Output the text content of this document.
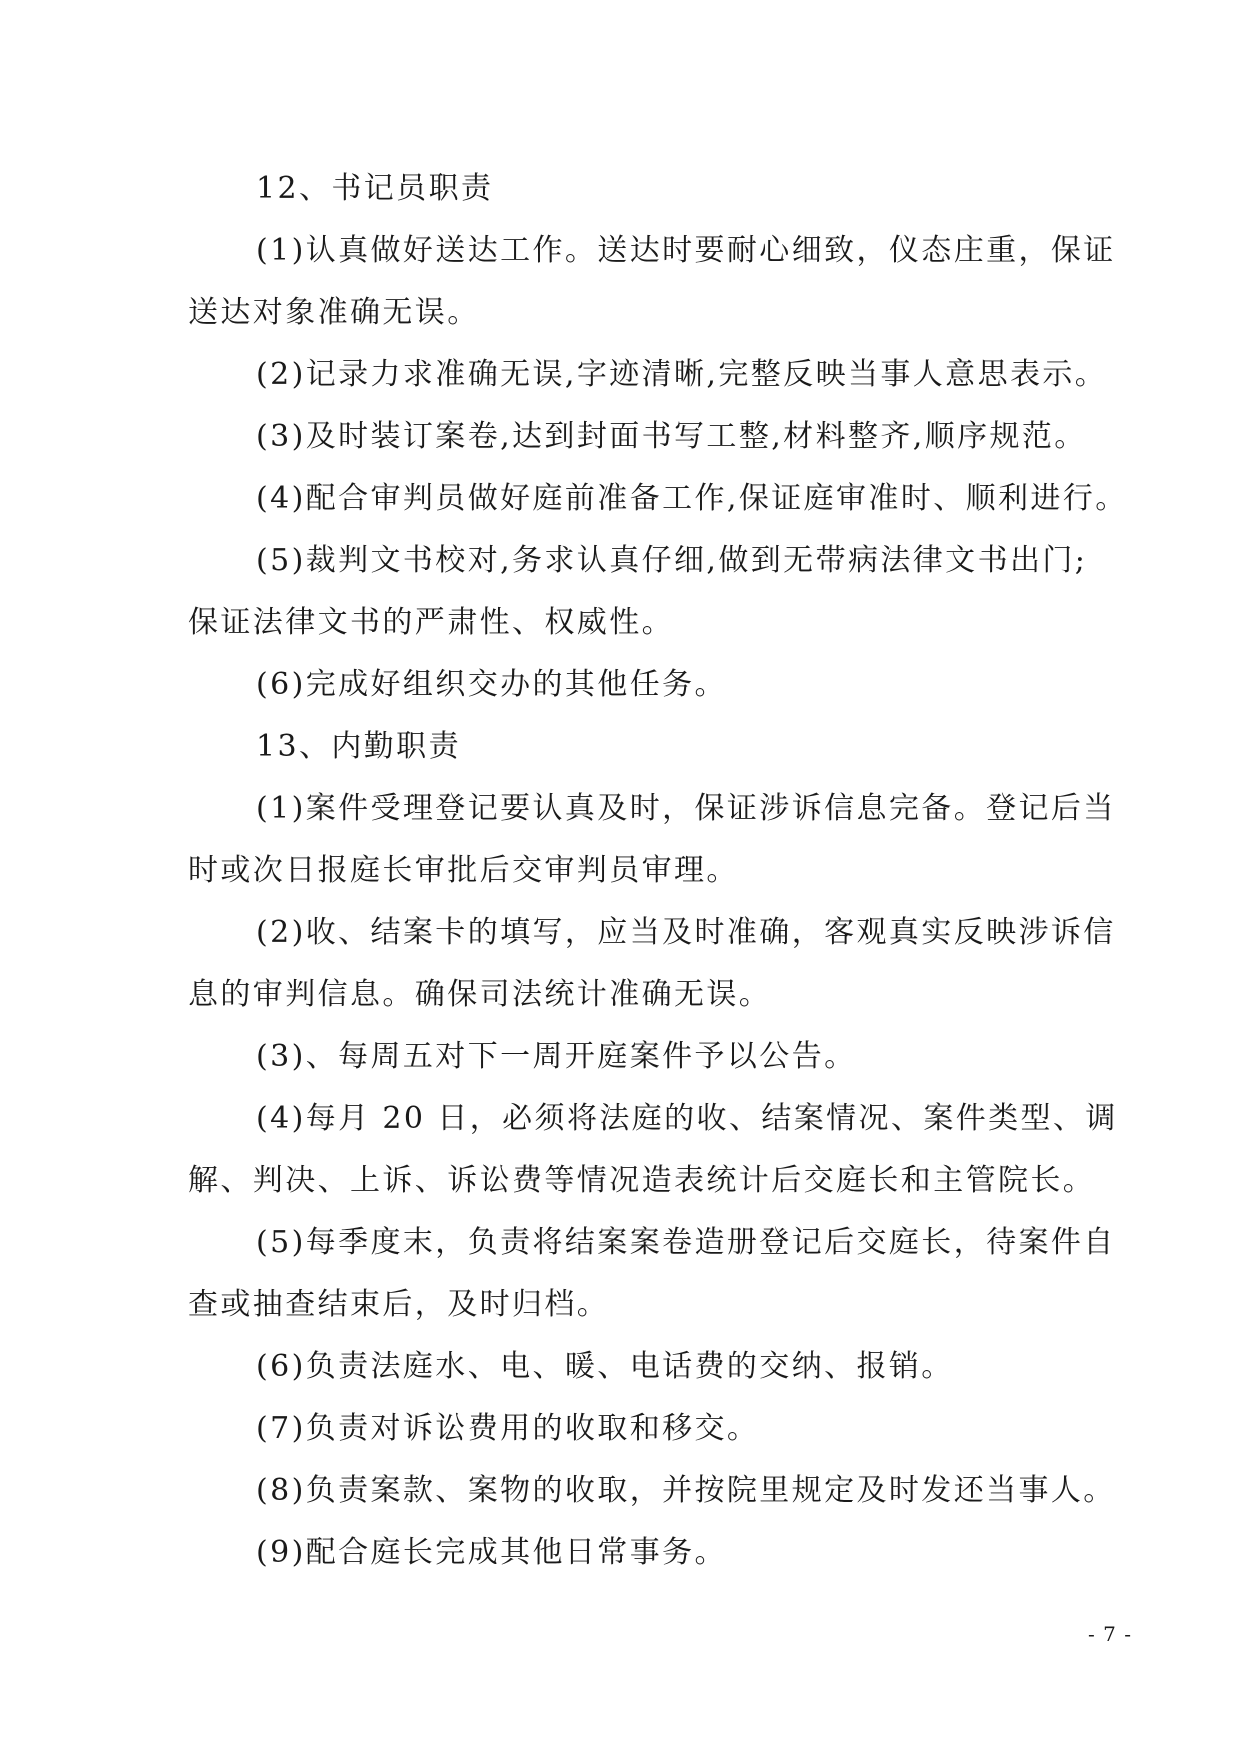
12、书记员职责
(1)认真做好送达工作。送达时要耐心细致，仪态庄重，保证
送达对象准确无误。
(2)记录力求准确无误,字迹清晰,完整反映当事人意思表示。
(3)及时装订案卷,达到封面书写工整,材料整齐,顺序规范。
(4)配合审判员做好庭前准备工作,保证庭审准时、顺利进行。
(5)裁判文书校对,务求认真仔细,做到无带病法律文书出门;
保证法律文书的严肃性、权威性。
(6)完成好组织交办的其他任务。
13、内勤职责
(1)案件受理登记要认真及时，保证涉诉信息完备。登记后当
时或次日报庭长审批后交审判员审理。
(2)收、结案卡的填写，应当及时准确，客观真实反映涉诉信
息的审判信息。确保司法统计准确无误。
(3)、每周五对下一周开庭案件予以公告。
(4)每月 20 日，必须将法庭的收、结案情况、案件类型、调
解、判决、上诉、诉讼费等情况造表统计后交庭长和主管院长。
(5)每季度末，负责将结案案卷造册登记后交庭长，待案件自
查或抽查结束后，及时归档。
(6)负责法庭水、电、暖、电话费的交纳、报销。
(7)负责对诉讼费用的收取和移交。
(8)负责案款、案物的收取，并按院里规定及时发还当事人。
(9)配合庭长完成其他日常事务。
- 7 -
